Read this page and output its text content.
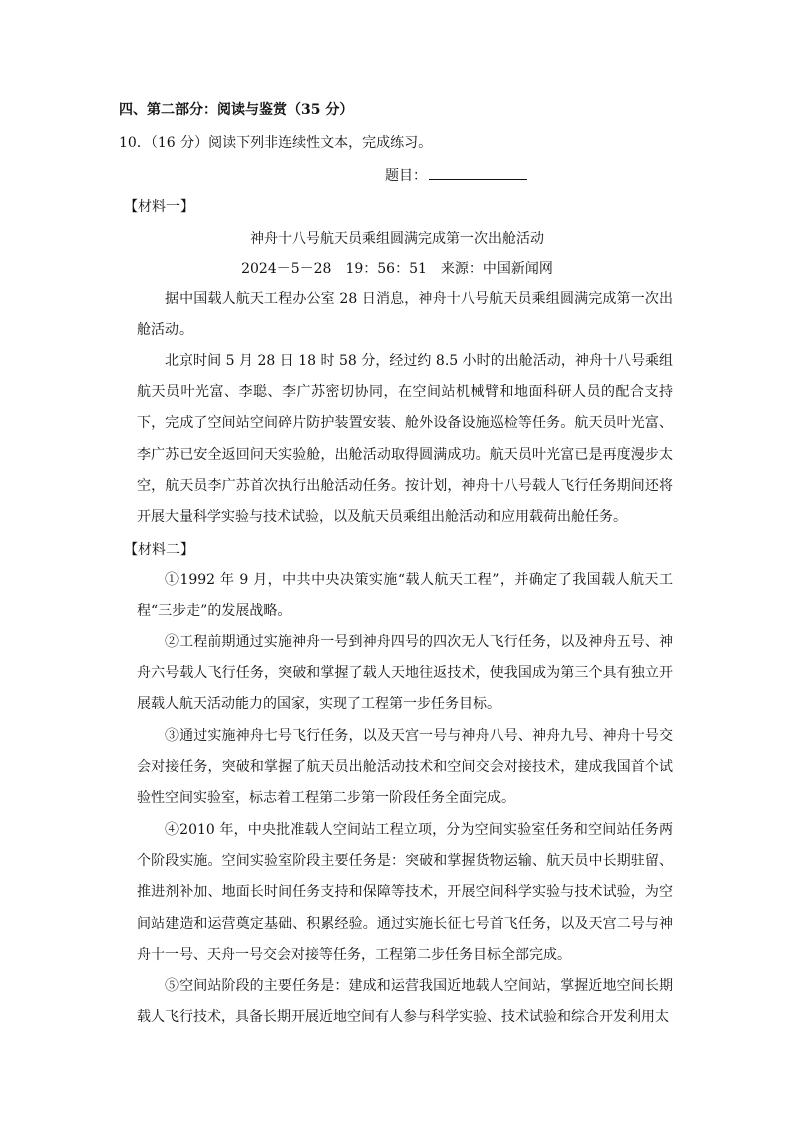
四、第二部分：阅读与鉴赏（35 分）
10．（16 分）阅读下列非连续性文本，完成练习。
题目：
【材料一】
神舟十八号航天员乘组圆满完成第一次出舱活动
2024－5－28　19：56：51　来源：中国新闻网

据中国载人航天工程办公室 28 日消息，神舟十八号航天员乘组圆满完成第一次出舱活动。

北京时间 5 月 28 日 18 时 58 分，经过约 8.5 小时的出舱活动，神舟十八号乘组航天员叶光富、李聪、李广苏密切协同，在空间站机械臂和地面科研人员的配合支持下，完成了空间站空间碎片防护装置安装、舱外设备设施巡检等任务。航天员叶光富、李广苏已安全返回问天实验舱，出舱活动取得圆满成功。航天员叶光富已是再度漫步太空，航天员李广苏首次执行出舱活动任务。按计划，神舟十八号载人飞行任务期间还将开展大量科学实验与技术试验，以及航天员乘组出舱活动和应用载荷出舱任务。

【材料二】

①1992 年 9 月，中共中央决策实施“载人航天工程”，并确定了我国载人航天工程“三步走”的发展战略。

②工程前期通过实施神舟一号到神舟四号的四次无人飞行任务，以及神舟五号、神舟六号载人飞行任务，突破和掌握了载人天地往返技术，使我国成为第三个具有独立开展载人航天活动能力的国家，实现了工程第一步任务目标。

③通过实施神舟七号飞行任务，以及天宫一号与神舟八号、神舟九号、神舟十号交会对接任务，突破和掌握了航天员出舱活动技术和空间交会对接技术，建成我国首个试验性空间实验室，标志着工程第二步第一阶段任务全面完成。

④2010 年，中央批准载人空间站工程立项，分为空间实验室任务和空间站任务两个阶段实施。空间实验室阶段主要任务是：突破和掌握货物运输、航天员中长期驻留、推进剂补加、地面长时间任务支持和保障等技术，开展空间科学实验与技术试验，为空间站建造和运营奠定基础、积累经验。通过实施长征七号首飞任务，以及天宫二号与神舟十一号、天舟一号交会对接等任务，工程第二步任务目标全部完成。

⑤空间站阶段的主要任务是：建成和运营我国近地载人空间站，掌握近地空间长期载人飞行技术，具备长期开展近地空间有人参与科学实验、技术试验和综合开发利用太
